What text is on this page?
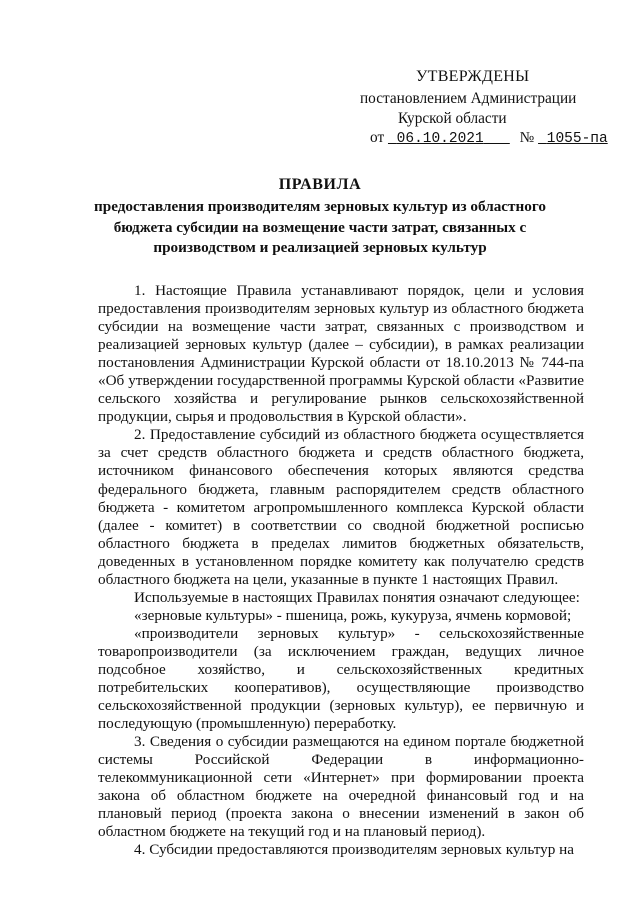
УТВЕРЖДЕНЫ
постановлением Администрации
Курской области
от 06.10.2021 № 1055-па
ПРАВИЛА
предоставления производителям зерновых культур из областного
бюджета субсидии на возмещение части затрат, связанных с
производством и реализацией зерновых культур

1. Настоящие Правила устанавливают порядок, цели и условия предоставления производителям зерновых культур из областного бюджета субсидии на возмещение части затрат, связанных с производством и реализацией зерновых культур (далее – субсидии), в рамках реализации постановления Администрации Курской области от 18.10.2013 № 744-па «Об утверждении государственной программы Курской области «Развитие сельского хозяйства и регулирование рынков сельскохозяйственной продукции, сырья и продовольствия в Курской области».

2. Предоставление субсидий из областного бюджета осуществляется за счет средств областного бюджета и средств областного бюджета, источником финансового обеспечения которых являются средства федерального бюджета, главным распорядителем средств областного бюджета - комитетом агропромышленного комплекса Курской области (далее - комитет) в соответствии со сводной бюджетной росписью областного бюджета в пределах лимитов бюджетных обязательств, доведенных в установленном порядке комитету как получателю средств областного бюджета на цели, указанные в пункте 1 настоящих Правил.

Используемые в настоящих Правилах понятия означают следующее:

«зерновые культуры» - пшеница, рожь, кукуруза, ячмень кормовой;

«производители зерновых культур» - сельскохозяйственные товаропроизводители (за исключением граждан, ведущих личное подсобное хозяйство, и сельскохозяйственных кредитных потребительских кооперативов), осуществляющие производство сельскохозяйственной продукции (зерновых культур), ее первичную и последующую (промышленную) переработку.

3. Сведения о субсидии размещаются на едином портале бюджетной системы Российской Федерации в информационно-телекоммуникационной сети «Интернет» при формировании проекта закона об областном бюджете на очередной финансовый год и на плановый период (проекта закона о внесении изменений в закон об областном бюджете на текущий год и на плановый период).

4. Субсидии предоставляются производителям зерновых культур на
